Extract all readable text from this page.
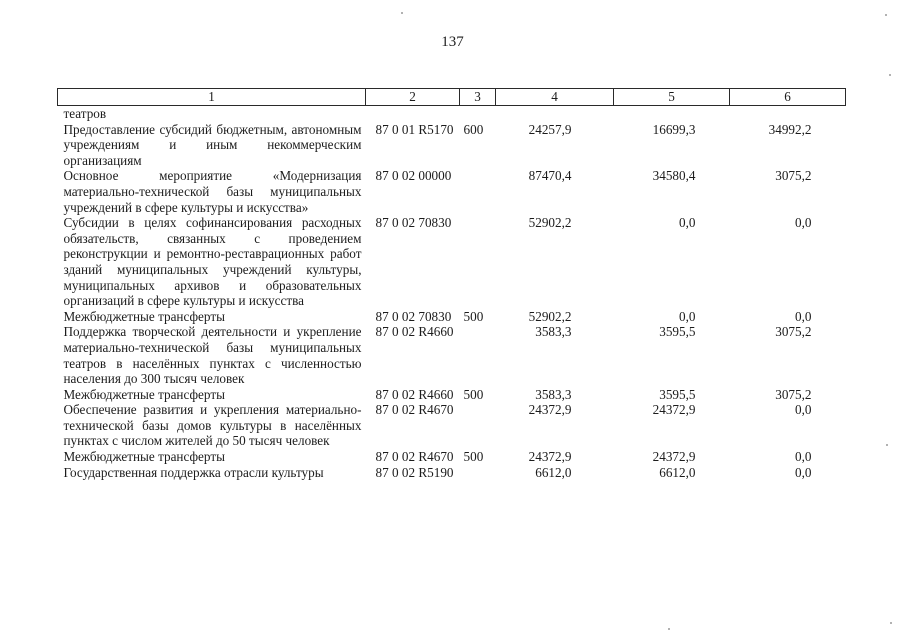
137
1	2	3	4	5	6
театров					
Предоставление субсидий бюджетным, автономным учреждениям и иным некоммерческим организациям	87 0 01 R5170	600	24257,9	16699,3	34992,2
Основное мероприятие «Модернизация материально-технической базы муниципальных учреждений в сфере культуры и искусства»	87 0 02 00000		87470,4	34580,4	3075,2
Субсидии в целях софинансирования расходных обязательств, связанных с проведением реконструкции и ремонтно-реставрационных работ зданий муниципальных учреждений культуры, муниципальных архивов и образовательных организаций в сфере культуры и искусства	87 0 02 70830		52902,2	0,0	0,0
Межбюджетные трансферты	87 0 02 70830	500	52902,2	0,0	0,0
Поддержка творческой деятельности и укрепление материально-технической базы муниципальных театров в населённых пунктах с численностью населения до 300 тысяч человек	87 0 02 R4660		3583,3	3595,5	3075,2
Межбюджетные трансферты	87 0 02 R4660	500	3583,3	3595,5	3075,2
Обеспечение развития и укрепления материально-технической базы домов культуры в населённых пунктах с числом жителей до 50 тысяч человек	87 0 02 R4670		24372,9	24372,9	0,0
Межбюджетные трансферты	87 0 02 R4670	500	24372,9	24372,9	0,0
Государственная поддержка отрасли культуры	87 0 02 R5190		6612,0	6612,0	0,0
